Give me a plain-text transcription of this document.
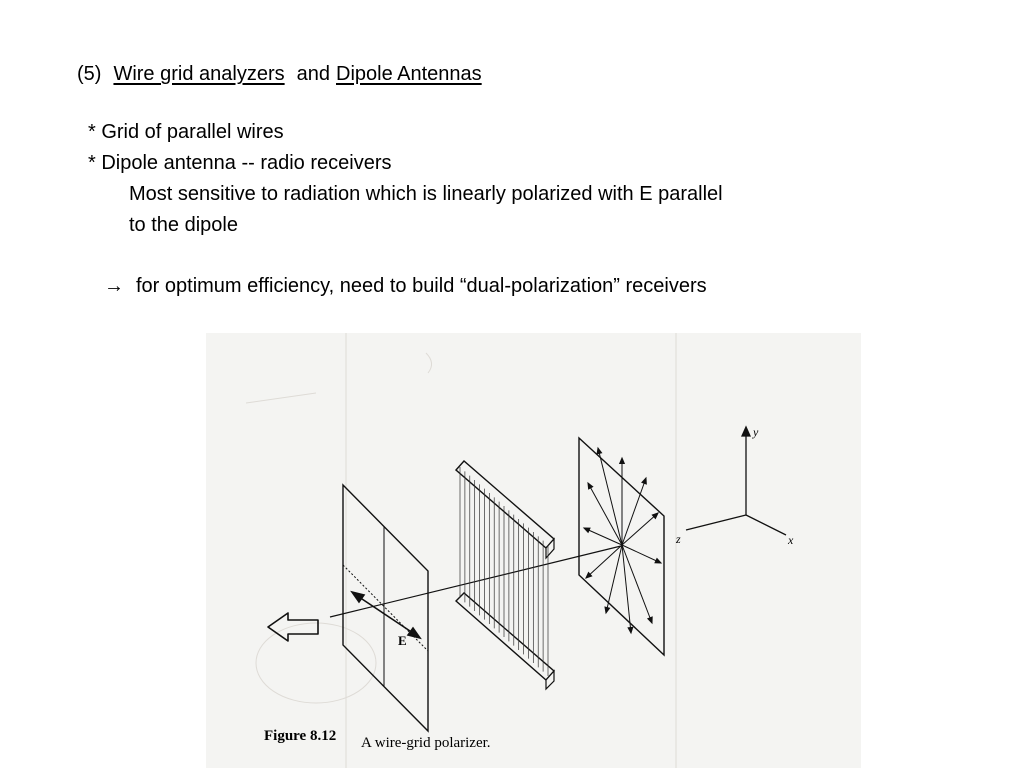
(5) Wire grid analyzers and Dipole Antennas
* Grid of parallel wires
* Dipole antenna -- radio receivers
Most sensitive to radiation which is linearly polarized with E parallel
to the dipole
→ for optimum efficiency, need to build “dual-polarization” receivers
E
y
x
z
Figure 8.12 A wire-grid polarizer.
